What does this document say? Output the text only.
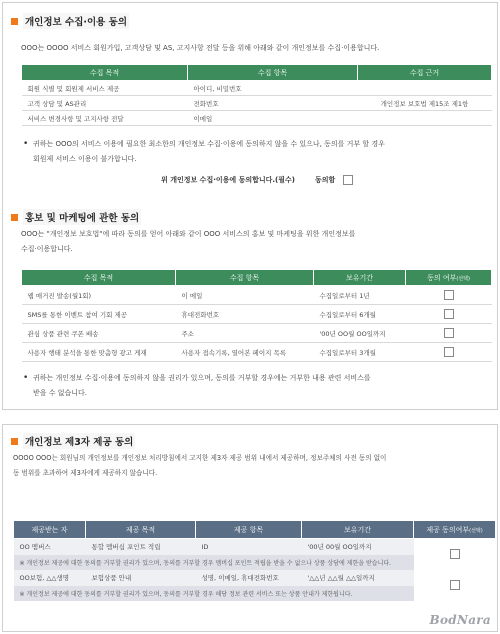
개인정보 수집·이용 동의
OOO는 OOOO 서비스 회원가입, 고객상담 및 AS, 고지사항 전달 등을 위해 아래와 같이 개인정보를 수집·이용합니다.
수집 목적	수집 항목	수집 근거
회원 식별 및 회원제 서비스 제공	아이디, 비밀번호	
고객 상담 및 AS관리	전화번호	개인정보 보호법 제15조 제1항
서비스 변경사항 및 고지사항 전달	이메일	
• 귀하는 OOO의 서비스 이용에 필요한 최소한의 개인정보 수집·이용에 동의하지 않을 수 있으나, 동의를 거부 할 경우
회원제 서비스 이용이 불가합니다.
위 개인정보 수집·이용에 동의합니다.(필수)	동의함
홍보 및 마케팅에 관한 동의
OOO는 "개인정보 보호법"에 따라 동의를 얻어 아래와 같이 OOO 서비스의 홍보 및 마케팅을 위한 개인정보를
수집·이용합니다.
수집 목적	수집 항목	보유기간	동의 여부(선택)
웹 매거진 발송(월1회)	이 메일	수집일로부터 1년	
SMS를 통한 이벤트 참여 기회 제공	휴대전화번호	수집일로부터 6개월	
관심 상품 관련 쿠폰 배송	주소	'00년 OO월 OO일까지	
사용자 행태 분석을 통한 맞춤형 광고 게재	사용자 접속기록, 열어본 페이지 목록	수집일로부터 3개월	
• 귀하는 개인정보 수집·이용에 동의하지 않을 권리가 있으며, 동의를 거부할 경우에는 거부한 내용 관련 서비스를
받을 수 없습니다.
개인정보 제3자 제공 동의
OOOO OOO는 회원님의 개인정보를 개인정보 처리방침에서 고지한 제3자 제공 범위 내에서 제공하며, 정보주체의 사전 동의 없이
동 범위를 초과하여 제3자에게 제공하지 않습니다.
제공받는 자	제공 목적	제공 항목	보유기간	제공 동의여부(선택)
OO 멤버스	통합 멤버십 포인트 적립	ID	'00년 00월 OO일까지	
※ 개인정보 제공에 대한 동의를 거부할 권리가 있으며, 동의를 거부할 경우 멤버십 포인트 적립을 받을 수 없으나 상품 상담에 제한을 받습니다.				
OO보험, △△생명	보험상품 안내	성명, 이메일, 휴대전화번호	'△△년 △△월 △△일까지	
※ 개인정보 제공에 대한 동의를 거부할 권리가 있으며, 동의를 거부할 경우 해당 정보 관련 서비스 또는 상품 안내가 제한됩니다.				
BodNara
